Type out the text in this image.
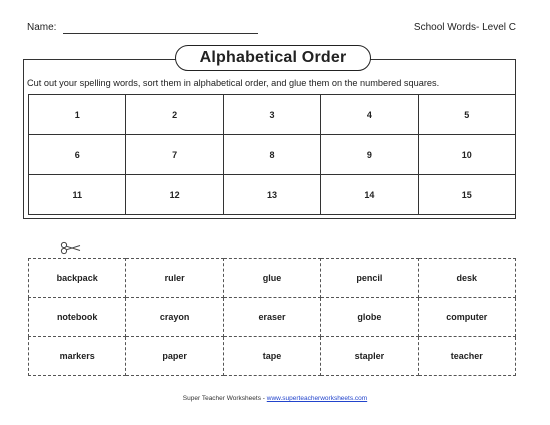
Name:	School Words- Level C
Alphabetical Order
Cut out your spelling words, sort them in alphabetical order, and glue them on the numbered squares.
1	2	3	4	5
6	7	8	9	10
11	12	13	14	15
backpack	ruler	glue	pencil	desk
notebook	crayon	eraser	globe	computer
markers	paper	tape	stapler	teacher
Super Teacher Worksheets - www.superteacherworksheets.com
